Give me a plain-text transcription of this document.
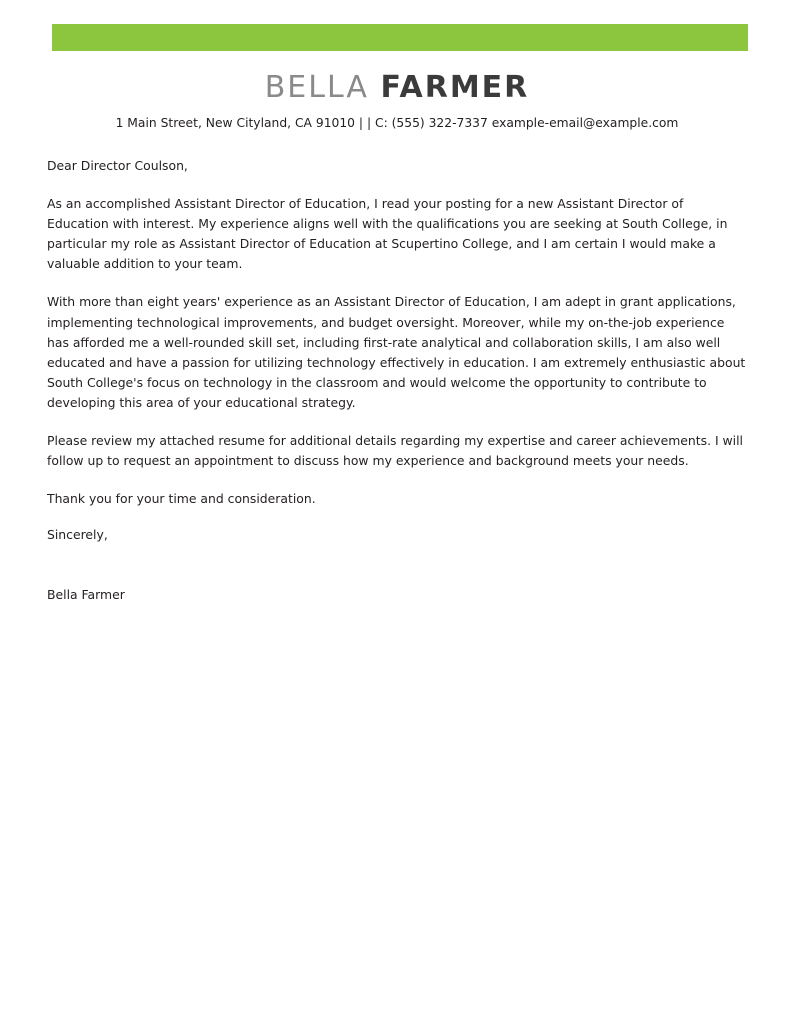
BELLA FARMER
1 Main Street, New Cityland, CA 91010 | | C: (555) 322-7337 example-email@example.com

Dear Director Coulson,

As an accomplished Assistant Director of Education, I read your posting for a new Assistant Director of Education with interest. My experience aligns well with the qualifications you are seeking at South College, in particular my role as Assistant Director of Education at Scupertino College, and I am certain I would make a valuable addition to your team.

With more than eight years' experience as an Assistant Director of Education, I am adept in grant applications, implementing technological improvements, and budget oversight. Moreover, while my on-the-job experience has afforded me a well-rounded skill set, including first-rate analytical and collaboration skills, I am also well educated and have a passion for utilizing technology effectively in education. I am extremely enthusiastic about South College's focus on technology in the classroom and would welcome the opportunity to contribute to developing this area of your educational strategy.

Please review my attached resume for additional details regarding my expertise and career achievements. I will follow up to request an appointment to discuss how my experience and background meets your needs.

Thank you for your time and consideration.

Sincerely,

Bella Farmer
